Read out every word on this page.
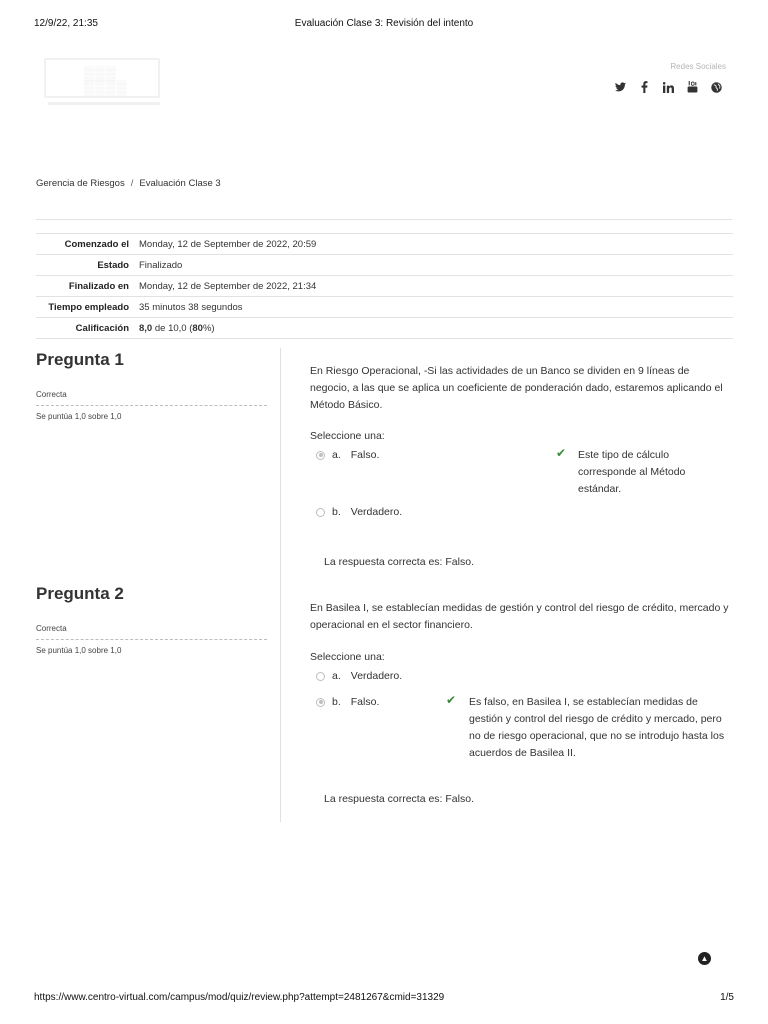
12/9/22, 21:35	Evaluación Clase 3: Revisión del intento
▒▒▒
▒▒▒▒
Redes Sociales
Gerencia de Riesgos / Evaluación Clase 3
Comenzado el	Monday, 12 de September de 2022, 20:59
Estado	Finalizado
Finalizado en	Monday, 12 de September de 2022, 21:34
Tiempo empleado	35 minutos 38 segundos
Calificación	8,0 de 10,0 (80%)
Pregunta 1
Correcta
Se puntúa 1,0 sobre 1,0
En Riesgo Operacional, -Si las actividades de un Banco se dividen en 9 líneas de negocio, a las que se aplica un coeficiente de ponderación dado, estaremos aplicando el Método Básico.
Seleccione una:
a. Falso.	✔ Este tipo de cálculo corresponde al Método estándar.
b. Verdadero.
La respuesta correcta es: Falso.
Pregunta 2
Correcta
Se puntúa 1,0 sobre 1,0
En Basilea I, se establecían medidas de gestión y control del riesgo de crédito, mercado y operacional en el sector financiero.
Seleccione una:
a. Verdadero.
b. Falso.	✔ Es falso, en Basilea I, se establecían medidas de gestión y control del riesgo de crédito y mercado, pero no de riesgo operacional, que no se introdujo hasta los acuerdos de Basilea II.
La respuesta correcta es: Falso.
▲
https://www.centro-virtual.com/campus/mod/quiz/review.php?attempt=2481267&cmid=31329	1/5
